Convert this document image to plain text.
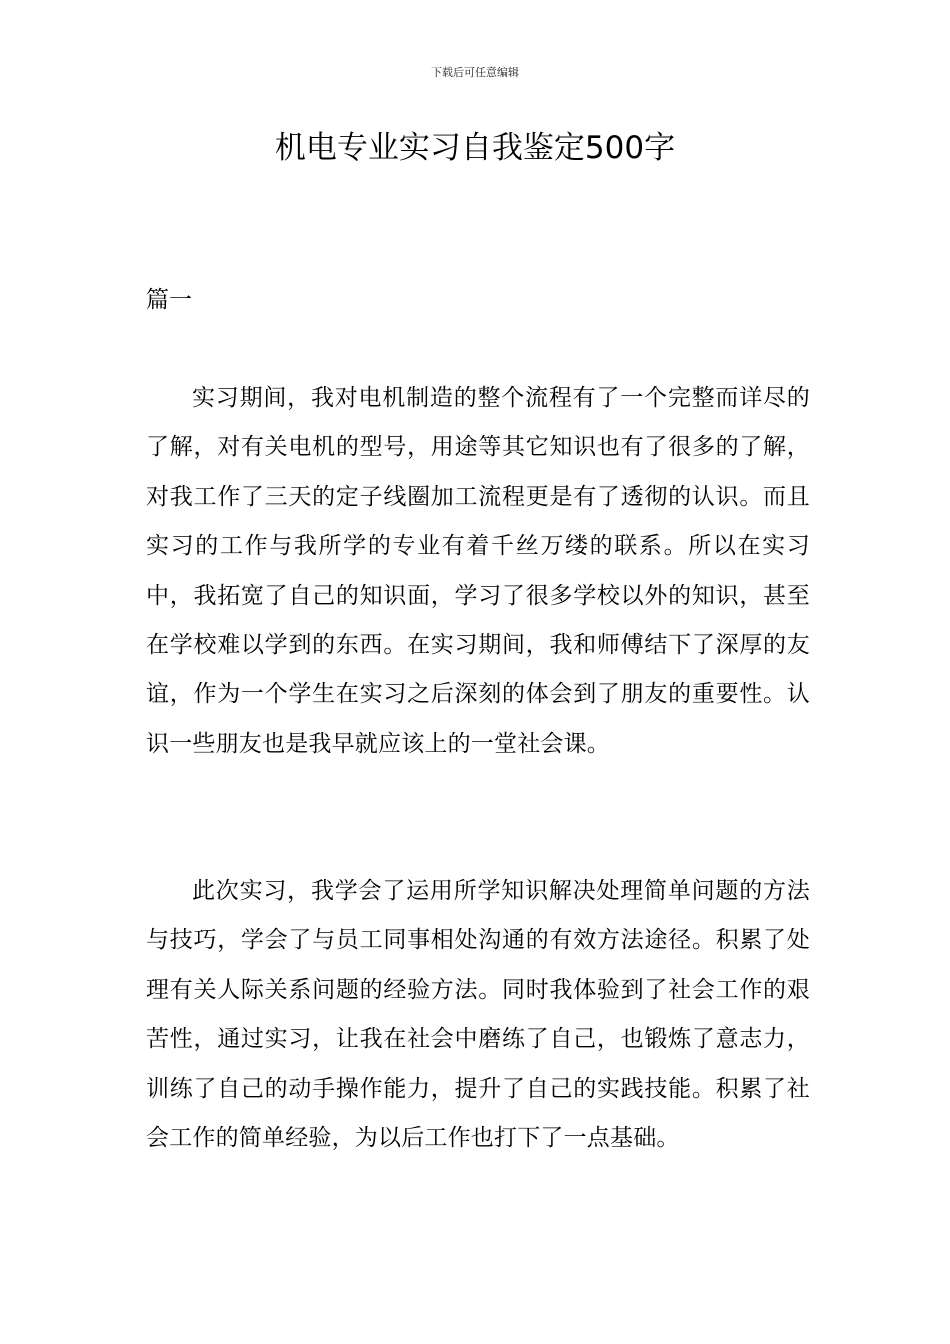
下载后可任意编辑
机电专业实习自我鉴定500字
篇一

实习期间，我对电机制造的整个流程有了一个完整而详尽的了解，对有关电机的型号，用途等其它知识也有了很多的了解，对我工作了三天的定子线圈加工流程更是有了透彻的认识。而且实习的工作与我所学的专业有着千丝万缕的联系。所以在实习中，我拓宽了自己的知识面，学习了很多学校以外的知识，甚至在学校难以学到的东西。在实习期间，我和师傅结下了深厚的友谊，作为一个学生在实习之后深刻的体会到了朋友的重要性。认识一些朋友也是我早就应该上的一堂社会课。

此次实习，我学会了运用所学知识解决处理简单问题的方法与技巧，学会了与员工同事相处沟通的有效方法途径。积累了处理有关人际关系问题的经验方法。同时我体验到了社会工作的艰苦性，通过实习，让我在社会中磨练了自己，也锻炼了意志力，训练了自己的动手操作能力，提升了自己的实践技能。积累了社会工作的简单经验，为以后工作也打下了一点基础。
